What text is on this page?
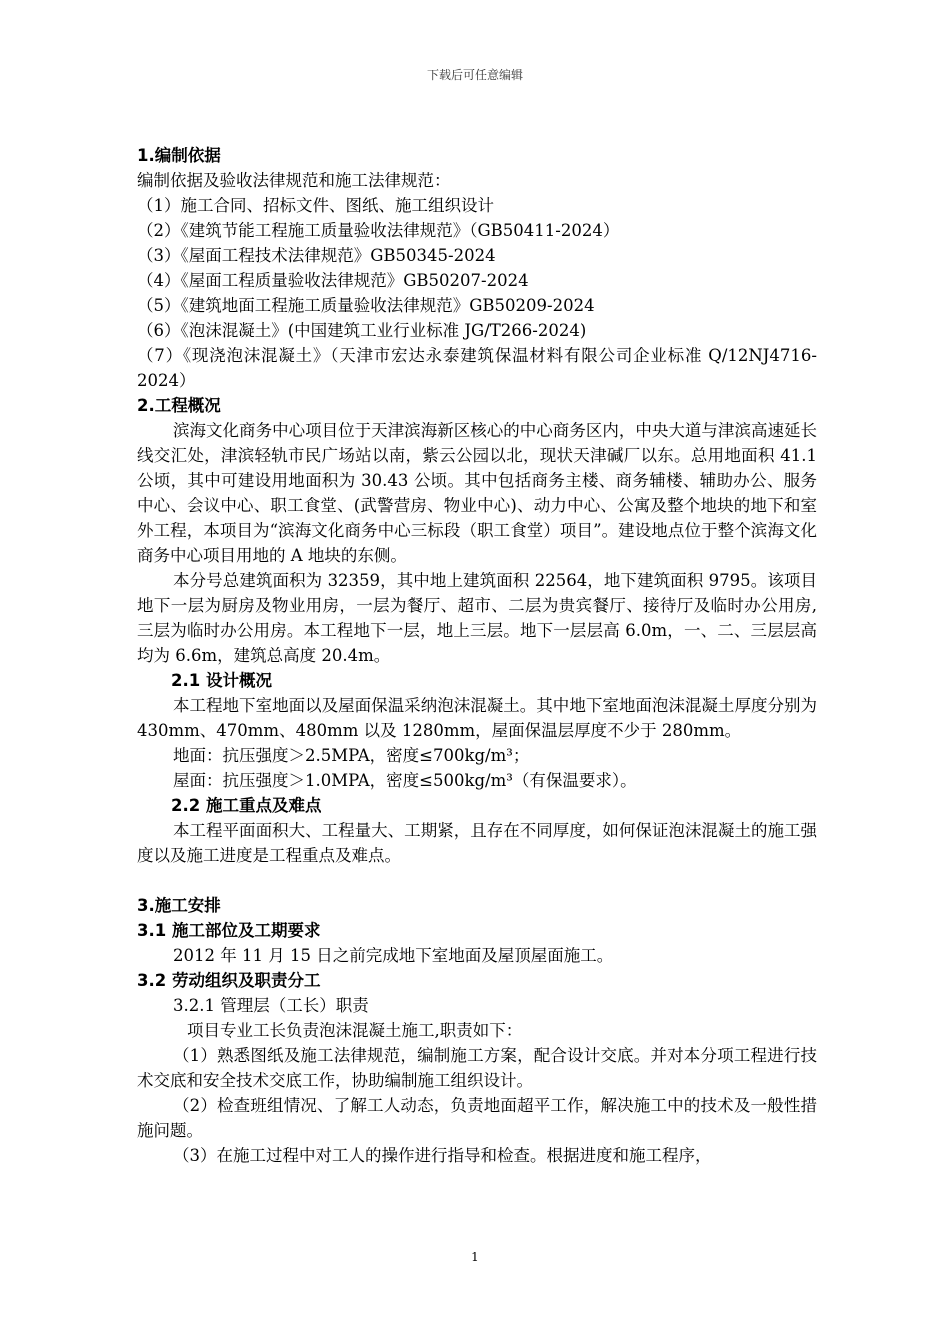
下载后可任意编辑

1.编制依据

编制依据及验收法律规范和施工法律规范：

（1）施工合同、招标文件、图纸、施工组织设计

（2）《建筑节能工程施工质量验收法律规范》（GB50411-2024）

（3）《屋面工程技术法律规范》GB50345-2024

（4）《屋面工程质量验收法律规范》GB50207-2024

（5）《建筑地面工程施工质量验收法律规范》GB50209-2024

（6）《泡沫混凝土》(中国建筑工业行业标准 JG/T266-2024)

（7）《现浇泡沫混凝土》（天津市宏达永泰建筑保温材料有限公司企业标准 Q/12NJ4716-2024）

2.工程概况

滨海文化商务中心项目位于天津滨海新区核心的中心商务区内，中央大道与津滨高速延长线交汇处，津滨轻轨市民广场站以南，紫云公园以北，现状天津碱厂以东。总用地面积 41.1 公顷，其中可建设用地面积为 30.43 公顷。其中包括商务主楼、商务辅楼、辅助办公、服务中心、会议中心、职工食堂、(武警营房、物业中心)、动力中心、公寓及整个地块的地下和室外工程，本项目为“滨海文化商务中心三标段（职工食堂）项目”。建设地点位于整个滨海文化商务中心项目用地的 A 地块的东侧。

本分号总建筑面积为 32359，其中地上建筑面积 22564，地下建筑面积 9795。该项目地下一层为厨房及物业用房，一层为餐厅、超市、二层为贵宾餐厅、接待厅及临时办公用房,三层为临时办公用房。本工程地下一层，地上三层。地下一层层高 6.0m，一、二、三层层高均为 6.6m，建筑总高度 20.4m。

2.1 设计概况

本工程地下室地面以及屋面保温采纳泡沫混凝土。其中地下室地面泡沫混凝土厚度分别为 430mm、470mm、480mm 以及 1280mm，屋面保温层厚度不少于 280mm。

地面：抗压强度＞2.5MPA，密度≤700kg/m³；

屋面：抗压强度＞1.0MPA，密度≤500kg/m³（有保温要求）。

2.2 施工重点及难点

本工程平面面积大、工程量大、工期紧，且存在不同厚度，如何保证泡沫混凝土的施工强度以及施工进度是工程重点及难点。

3.施工安排

3.1 施工部位及工期要求

2012 年 11 月 15 日之前完成地下室地面及屋顶屋面施工。

3.2 劳动组织及职责分工

3.2.1 管理层（工长）职责

项目专业工长负责泡沫混凝土施工,职责如下：

（1）熟悉图纸及施工法律规范，编制施工方案，配合设计交底。并对本分项工程进行技术交底和安全技术交底工作，协助编制施工组织设计。

（2）检查班组情况、了解工人动态，负责地面超平工作，解决施工中的技术及一般性措施问题。

（3）在施工过程中对工人的操作进行指导和检查。根据进度和施工程序，

1
